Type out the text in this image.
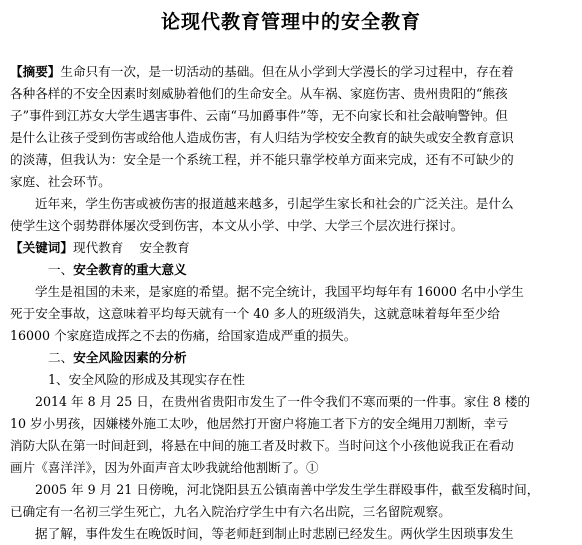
论现代教育管理中的安全教育
【摘要】生命只有一次，是一切活动的基础。但在从小学到大学漫长的学习过程中，存在着
各种各样的不安全因素时刻威胁着他们的生命安全。从车祸、家庭伤害、贵州贵阳的“熊孩
子”事件到江苏女大学生遇害事件、云南“马加爵事件”等，无不向家长和社会敲响警钟。但
是什么让孩子受到伤害或给他人造成伤害，有人归结为学校安全教育的缺失或安全教育意识
的淡薄，但我认为：安全是一个系统工程，并不能只靠学校单方面来完成，还有不可缺少的
家庭、社会环节。
近年来，学生伤害或被伤害的报道越来越多，引起学生家长和社会的广泛关注。是什么
使学生这个弱势群体屡次受到伤害，本文从小学、中学、大学三个层次进行探讨。
【关键词】现代教育 安全教育
一、安全教育的重大意义
学生是祖国的未来，是家庭的希望。据不完全统计，我国平均每年有 16000 名中小学生
死于安全事故，这意味着平均每天就有一个 40 多人的班级消失，这就意味着每年至少给
16000 个家庭造成挥之不去的伤痛，给国家造成严重的损失。
二、安全风险因素的分析
1、安全风险的形成及其现实存在性
2014 年 8 月 25 日，在贵州省贵阳市发生了一件令我们不寒而栗的一件事。家住 8 楼的
10 岁小男孩，因嫌楼外施工太吵，他居然打开窗户将施工者下方的安全绳用刀割断，幸亏
消防大队在第一时间赶到，将悬在中间的施工者及时救下。当时问这个小孩他说我正在看动
画片《喜洋洋》，因为外面声音太吵我就给他割断了。①
2005 年 9 月 21 日傍晚，河北饶阳县五公镇南善中学发生学生群殴事件，截至发稿时间，
已确定有一名初三学生死亡，九名入院治疗学生中有六名出院，三名留院观察。
据了解，事件发生在晚饭时间，等老师赶到制止时悲剧已经发生。两伙学生因琐事发生
